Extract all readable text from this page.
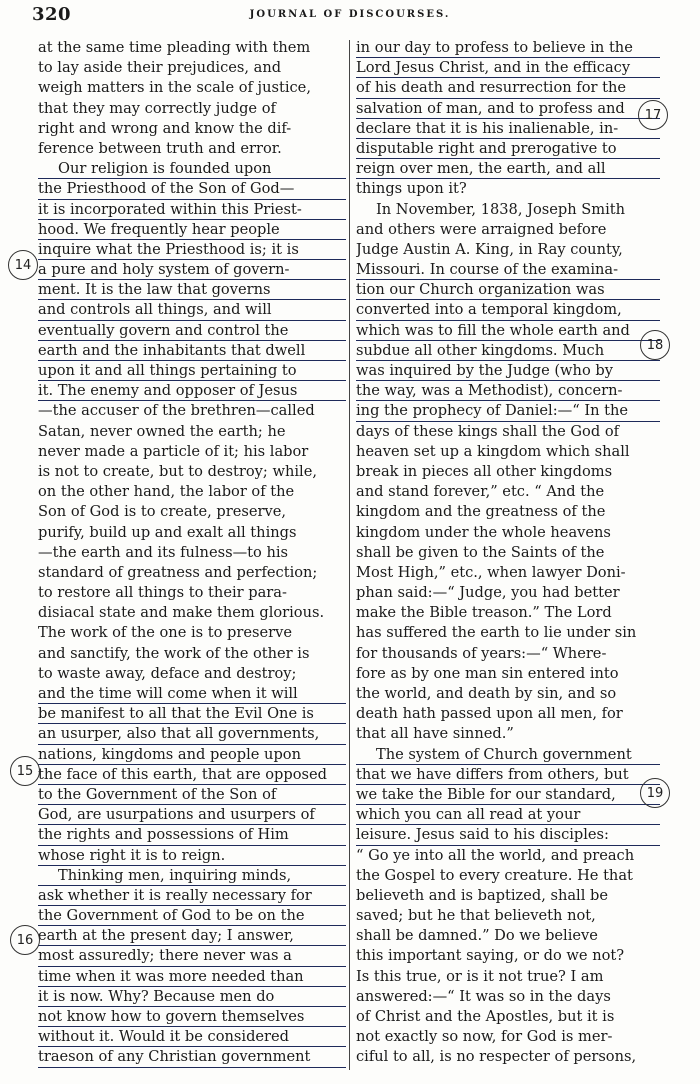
320	JOURNAL OF DISCOURSES.
at the same time pleading with them
to lay aside their prejudices, and
weigh matters in the scale of justice,
that they may correctly judge of
right and wrong and know the dif-
ference between truth and error.
Our religion is founded upon
the Priesthood of the Son of God—
it is incorporated within this Priest-
hood. We frequently hear people
inquire what the Priesthood is; it is
a pure and holy system of govern-
ment. It is the law that governs
and controls all things, and will
eventually govern and control the
earth and the inhabitants that dwell
upon it and all things pertaining to
it. The enemy and opposer of Jesus
—the accuser of the brethren—called
Satan, never owned the earth; he
never made a particle of it; his labor
is not to create, but to destroy; while,
on the other hand, the labor of the
Son of God is to create, preserve,
purify, build up and exalt all things
—the earth and its fulness—to his
standard of greatness and perfection;
to restore all things to their para-
disiacal state and make them glorious.
The work of the one is to preserve
and sanctify, the work of the other is
to waste away, deface and destroy;
and the time will come when it will
be manifest to all that the Evil One is
an usurper, also that all governments,
nations, kingdoms and people upon
the face of this earth, that are opposed
to the Government of the Son of
God, are usurpations and usurpers of
the rights and possessions of Him
whose right it is to reign.
Thinking men, inquiring minds,
ask whether it is really necessary for
the Government of God to be on the
earth at the present day; I answer,
most assuredly; there never was a
time when it was more needed than
it is now. Why? Because men do
not know how to govern themselves
without it. Would it be considered
traeson of any Christian government
in our day to profess to believe in the
Lord Jesus Christ, and in the efficacy
of his death and resurrection for the
salvation of man, and to profess and
declare that it is his inalienable, in-
disputable right and prerogative to
reign over men, the earth, and all
things upon it?
In November, 1838, Joseph Smith
and others were arraigned before
Judge Austin A. King, in Ray county,
Missouri. In course of the examina-
tion our Church organization was
converted into a temporal kingdom,
which was to fill the whole earth and
subdue all other kingdoms. Much
was inquired by the Judge (who by
the way, was a Methodist), concern-
ing the prophecy of Daniel:—“ In the
days of these kings shall the God of
heaven set up a kingdom which shall
break in pieces all other kingdoms
and stand forever,” etc. “ And the
kingdom and the greatness of the
kingdom under the whole heavens
shall be given to the Saints of the
Most High,” etc., when lawyer Doni-
phan said:—“ Judge, you had better
make the Bible treason.” The Lord
has suffered the earth to lie under sin
for thousands of years:—“ Where-
fore as by one man sin entered into
the world, and death by sin, and so
death hath passed upon all men, for
that all have sinned.”
The system of Church government
that we have differs from others, but
we take the Bible for our standard,
which you can all read at your
leisure. Jesus said to his disciples:
“ Go ye into all the world, and preach
the Gospel to every creature. He that
believeth and is baptized, shall be
saved; but he that believeth not,
shall be damned.” Do we believe
this important saying, or do we not?
Is this true, or is it not true? I am
answered:—“ It was so in the days
of Christ and the Apostles, but it is
not exactly so now, for God is mer-
ciful to all, is no respecter of persons,
14
17
18
15
19
16
